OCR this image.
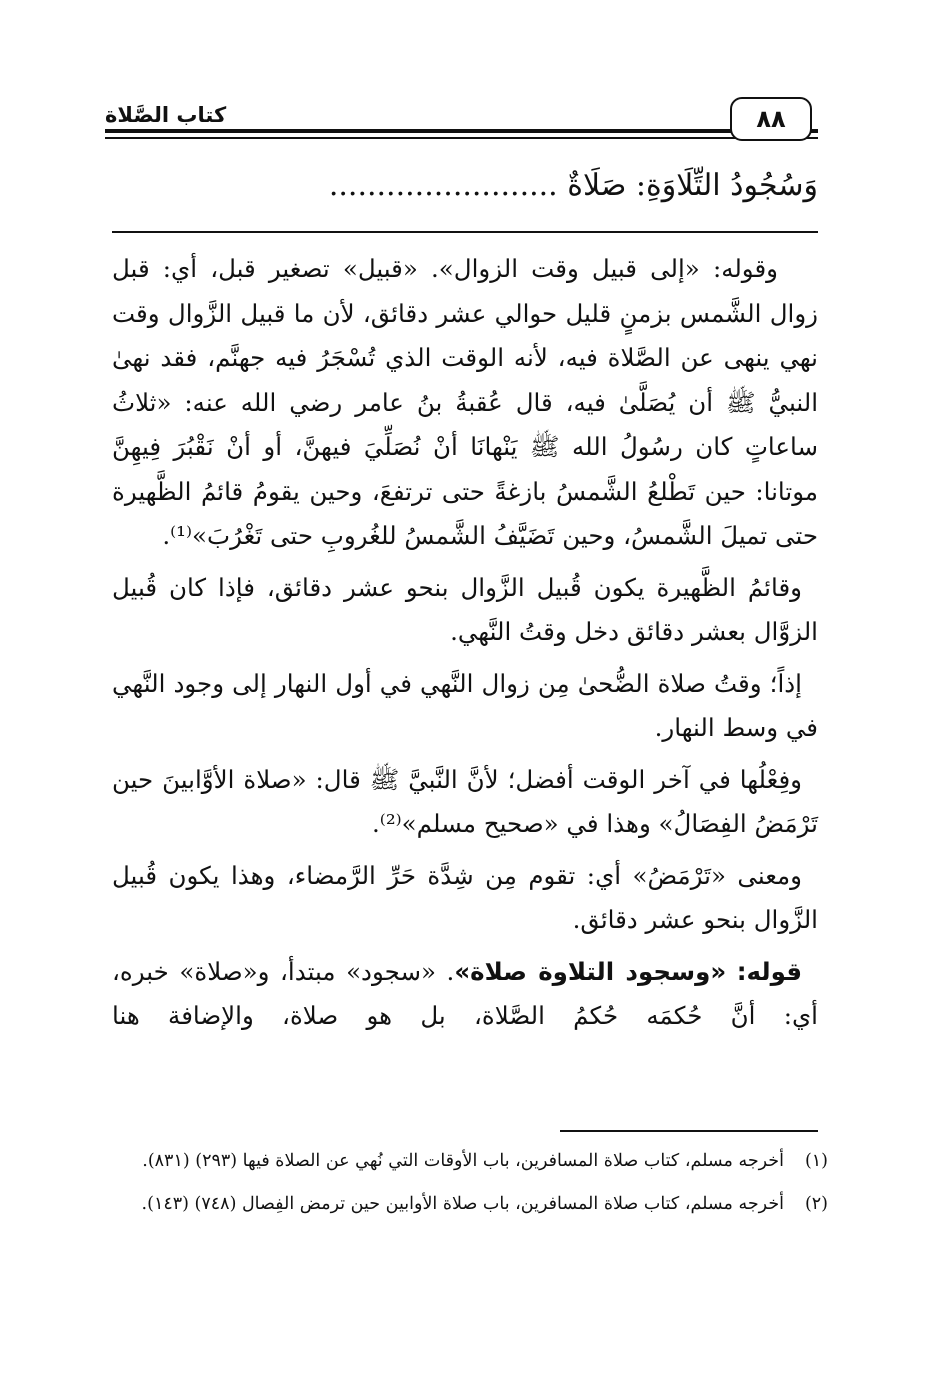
كتاب الصَّلاة	٨٨
وَسُجُودُ التِّلَاوَةِ: صَلَاةٌ ........................

وقوله: «إلى قبيل وقت الزوال». «قبيل» تصغير قبل، أي: قبل زوال الشَّمس بزمنٍ قليل حوالي عشر دقائق، لأن ما قبيل الزَّوال وقت نهي ينهى عن الصَّلاة فيه، لأنه الوقت الذي تُسْجَرُ فيه جهنَّم، فقد نهىٰ النبيُّ ﷺ أن يُصَلَّىٰ فيه، قال عُقبةُ بنُ عامر رضي الله عنه: «ثلاثُ ساعاتٍ كان رسُولُ الله ﷺ يَنْهانَا أنْ نُصَلِّيَ فيهنَّ، أو أنْ نَقْبُرَ فِيهِنَّ موتانا: حين تَطْلعُ الشَّمسُ بازغةً حتى ترتفعَ، وحين يقومُ قائمُ الظَّهيرة حتى تميلَ الشَّمسُ، وحين تَضَيَّفُ الشَّمسُ للغُروبِ حتى تَغْرُبَ»⁽¹⁾.

وقائمُ الظَّهيرة يكون قُبيل الزَّوال بنحو عشر دقائق، فإذا كان قُبيل الزوَّال بعشر دقائق دخل وقتُ النَّهي.

إذاً؛ وقتُ صلاة الضُّحىٰ مِن زوال النَّهي في أول النهار إلى وجود النَّهي في وسط النهار.

وفِعْلُها في آخر الوقت أفضل؛ لأنَّ النَّبيَّ ﷺ قال: «صلاة الأوَّابينَ حين تَرْمَضُ الفِصَالُ» وهذا في «صحيح مسلم»⁽²⁾.

ومعنى «تَرْمَضُ» أي: تقوم مِن شِدَّة حَرِّ الرَّمضاء، وهذا يكون قُبيل الزَّوال بنحو عشر دقائق.

قوله: «وسجود التلاوة صلاة». «سجود» مبتدأ، و«صلاة» خبره، أي: أنَّ حُكمَه حُكمُ الصَّلاة، بل هو صلاة، والإضافة هنا

(١)
أخرجه مسلم، كتاب صلاة المسافرين، باب الأوقات التي نُهي عن الصلاة فيها (٢٩٣) (٨٣١).
(٢)
أخرجه مسلم، كتاب صلاة المسافرين، باب صلاة الأوابين حين ترمض الفِصال (٧٤٨) (١٤٣).
